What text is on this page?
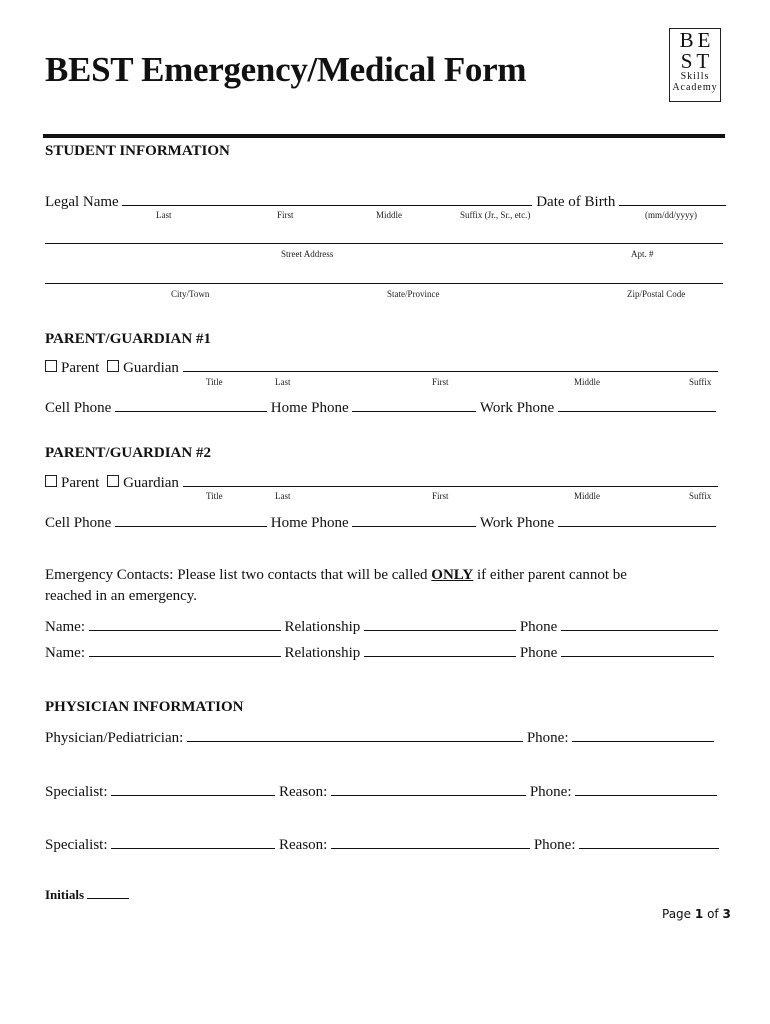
BEST Emergency/Medical Form
BE
ST
Skills
Academy
STUDENT INFORMATION
Legal Name	Date of Birth
Last	First	Middle	Suffix (Jr., Sr., etc.)	(mm/dd/yyyy)
Street Address	Apt. #
City/Town	State/Province	Zip/Postal Code
PARENT/GUARDIAN #1
Parent Guardian
Title	Last	First	Middle	Suffix
Cell Phone	Home Phone	Work Phone
PARENT/GUARDIAN #2
Parent Guardian
Title	Last	First	Middle	Suffix
Cell Phone	Home Phone	Work Phone
Emergency Contacts: Please list two contacts that will be called ONLY if either parent cannot be
reached in an emergency.
Name:	Relationship	Phone
Name:	Relationship	Phone
PHYSICIAN INFORMATION
Physician/Pediatrician:	Phone:
Specialist:	Reason:	Phone:
Specialist:	Reason:	Phone:
Initials
Page 1 of 3
